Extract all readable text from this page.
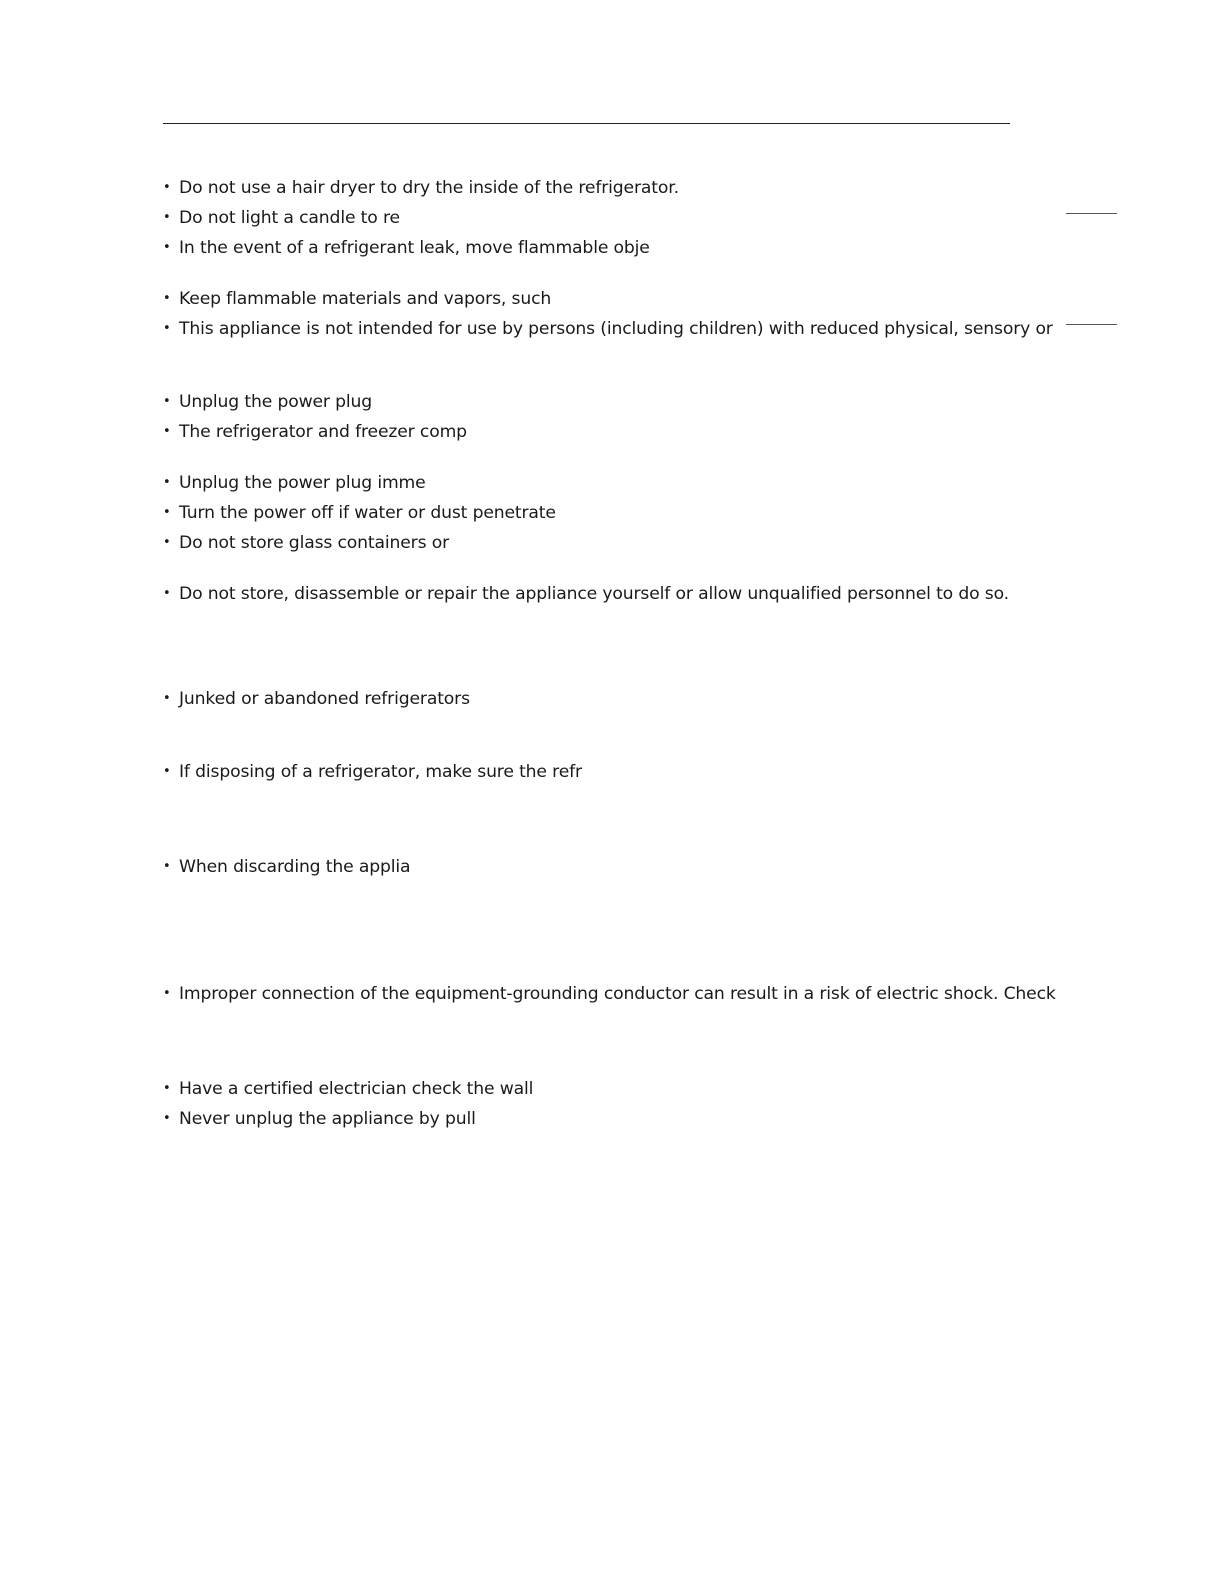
• Do not use a hair dryer to dry the inside of the refrigerator.
• Do not light a candle to re
• In the event of a refrigerant leak, move flammable obje
• Keep flammable materials and vapors, such
• This appliance is not intended for use by persons (including children) with reduced physical, sensory or
• Unplug the power plug
• The refrigerator and freezer comp
• Unplug the power plug imme
• Turn the power off if water or dust penetrate
• Do not store glass containers or
• Do not store, disassemble or repair the appliance yourself or allow unqualified personnel to do so.
• Junked or abandoned refrigerators
• If disposing of a refrigerator, make sure the refr
• When discarding the applia
• Improper connection of the equipment-grounding conductor can result in a risk of electric shock. Check
• Have a certified electrician check the wall
• Never unplug the appliance by pull
